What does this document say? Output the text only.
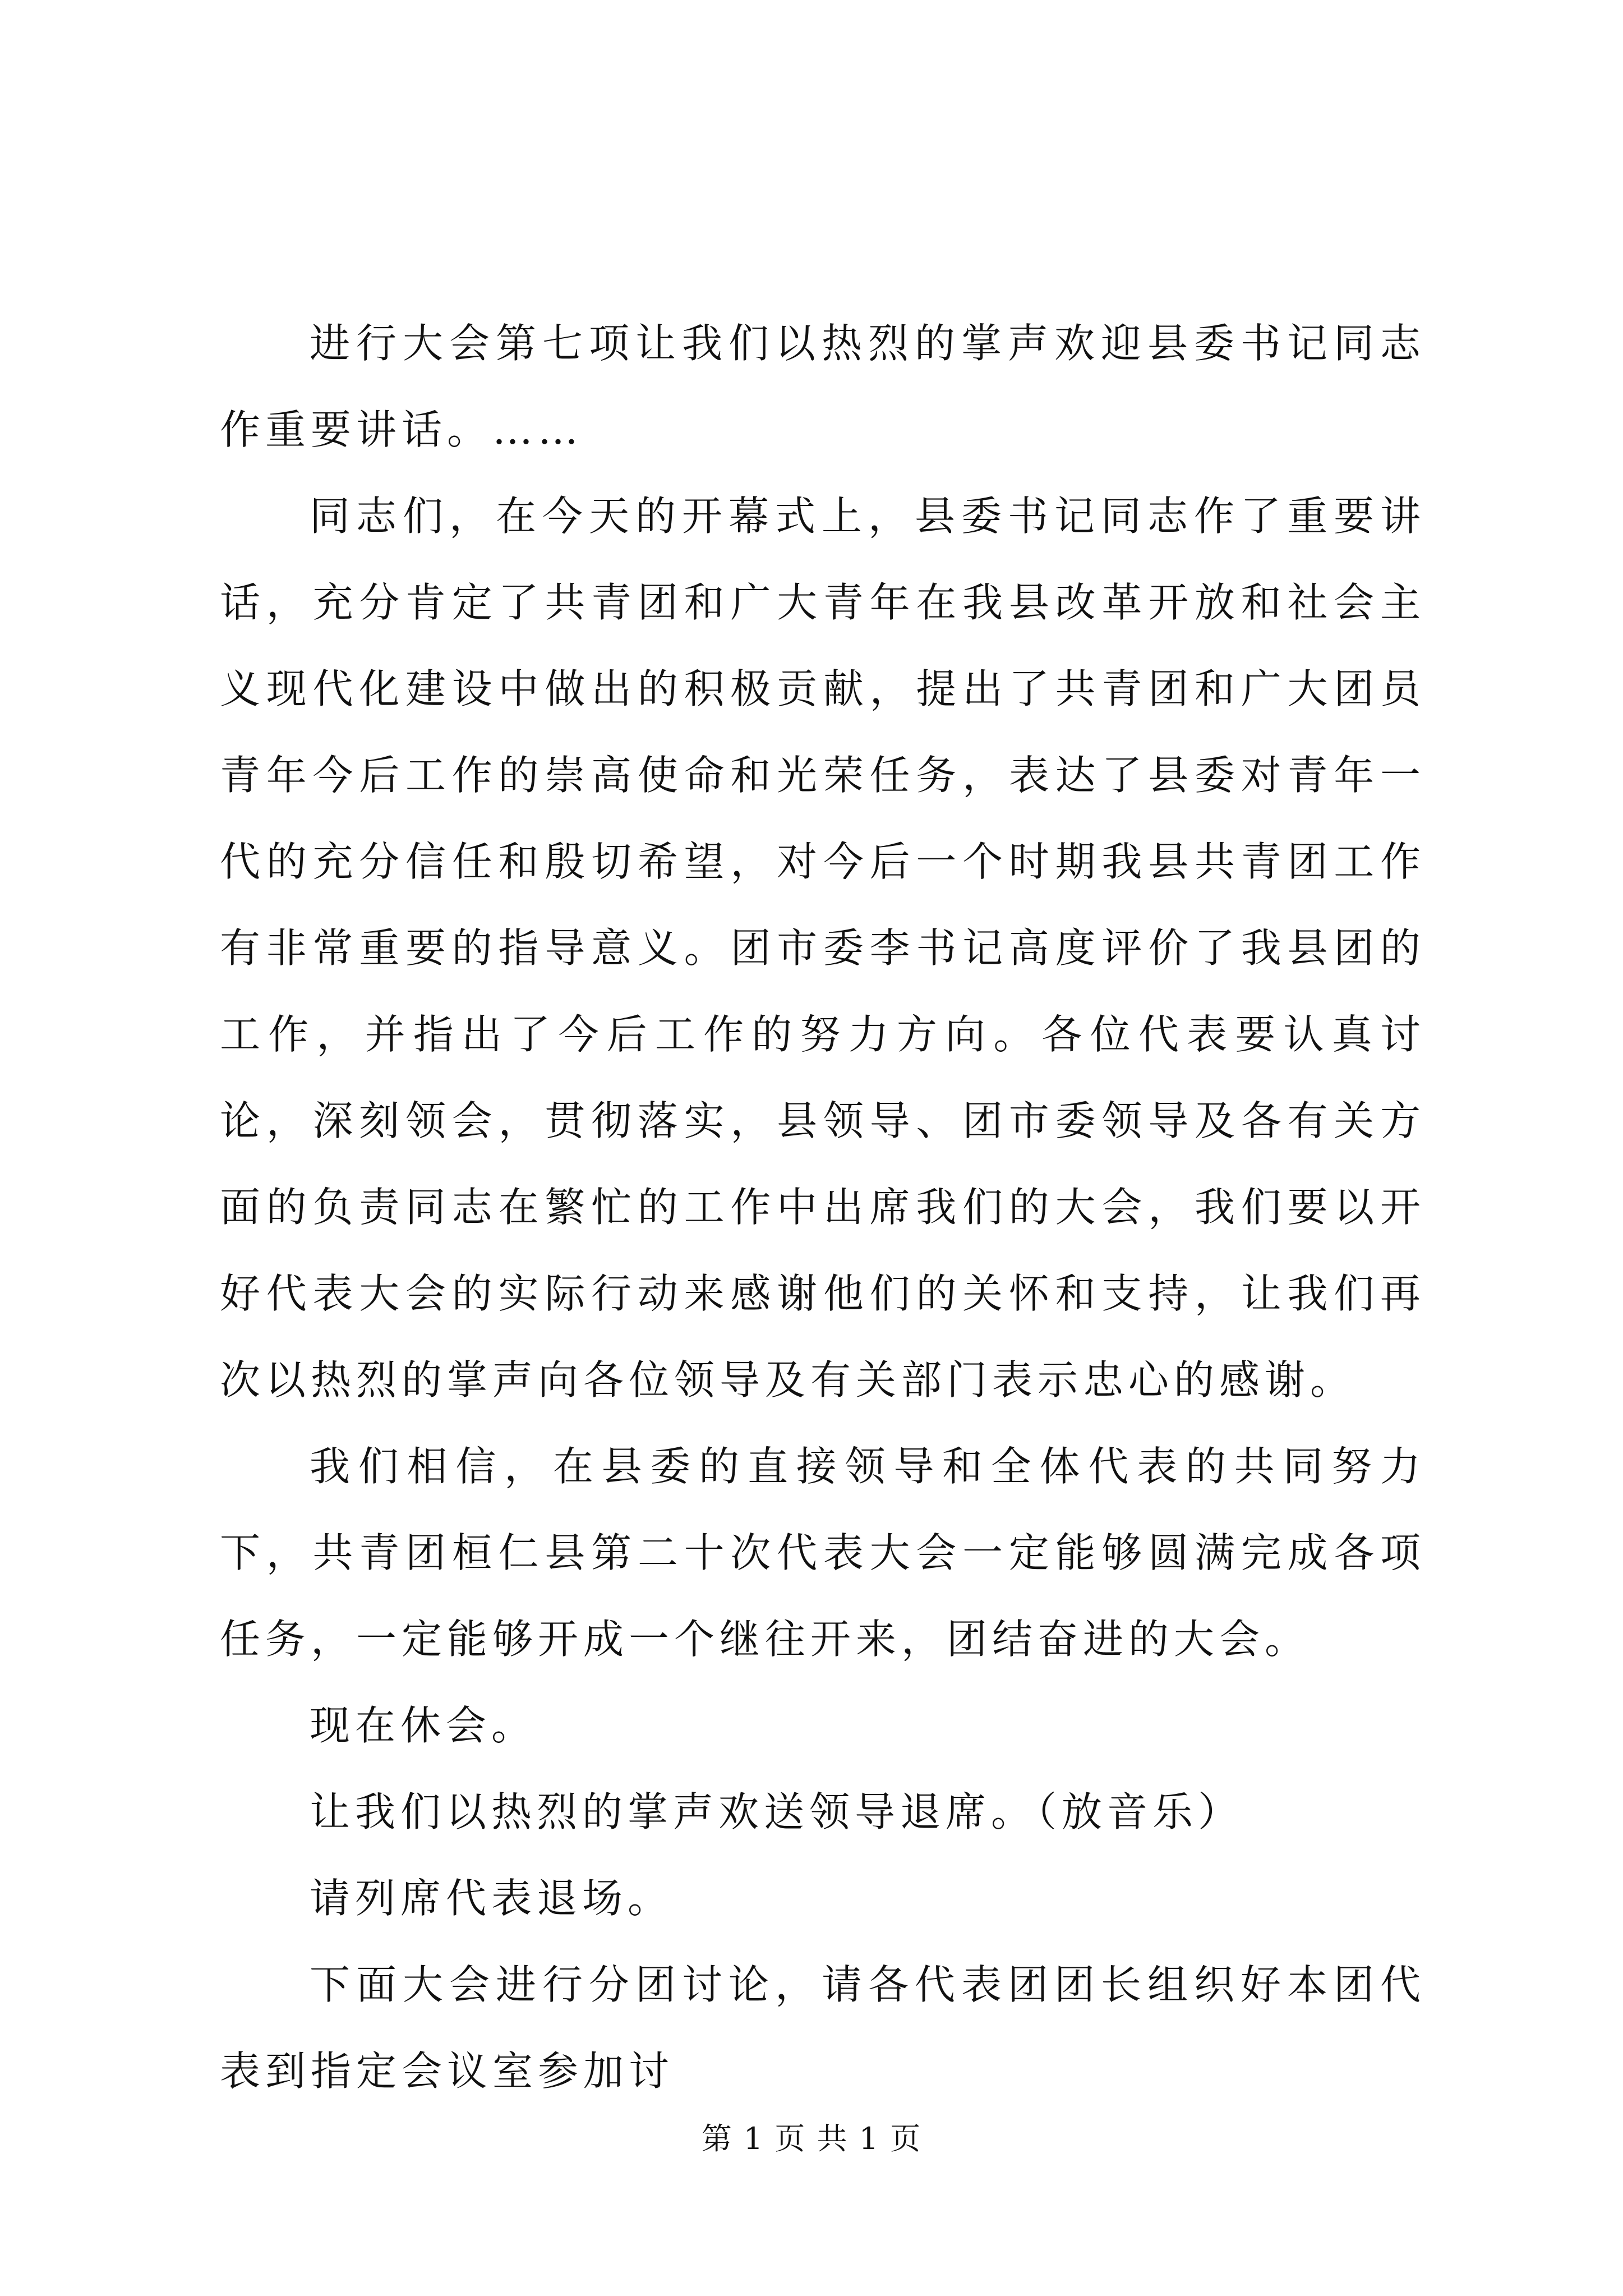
进行大会第七项让我们以热烈的掌声欢迎县委书记同志作重要讲话。……

同志们，在今天的开幕式上，县委书记同志作了重要讲话，充分肯定了共青团和广大青年在我县改革开放和社会主义现代化建设中做出的积极贡献，提出了共青团和广大团员青年今后工作的崇高使命和光荣任务，表达了县委对青年一代的充分信任和殷切希望，对今后一个时期我县共青团工作有非常重要的指导意义。团市委李书记高度评价了我县团的工作，并指出了今后工作的努力方向。各位代表要认真讨论，深刻领会，贯彻落实，县领导、团市委领导及各有关方面的负责同志在繁忙的工作中出席我们的大会，我们要以开好代表大会的实际行动来感谢他们的关怀和支持，让我们再次以热烈的掌声向各位领导及有关部门表示忠心的感谢。

我们相信，在县委的直接领导和全体代表的共同努力下，共青团桓仁县第二十次代表大会一定能够圆满完成各项任务，一定能够开成一个继往开来，团结奋进的大会。

现在休会。

让我们以热烈的掌声欢送领导退席。（放音乐）

请列席代表退场。

下面大会进行分团讨论，请各代表团团长组织好本团代表到指定会议室参加讨

第 1 页 共 1 页
